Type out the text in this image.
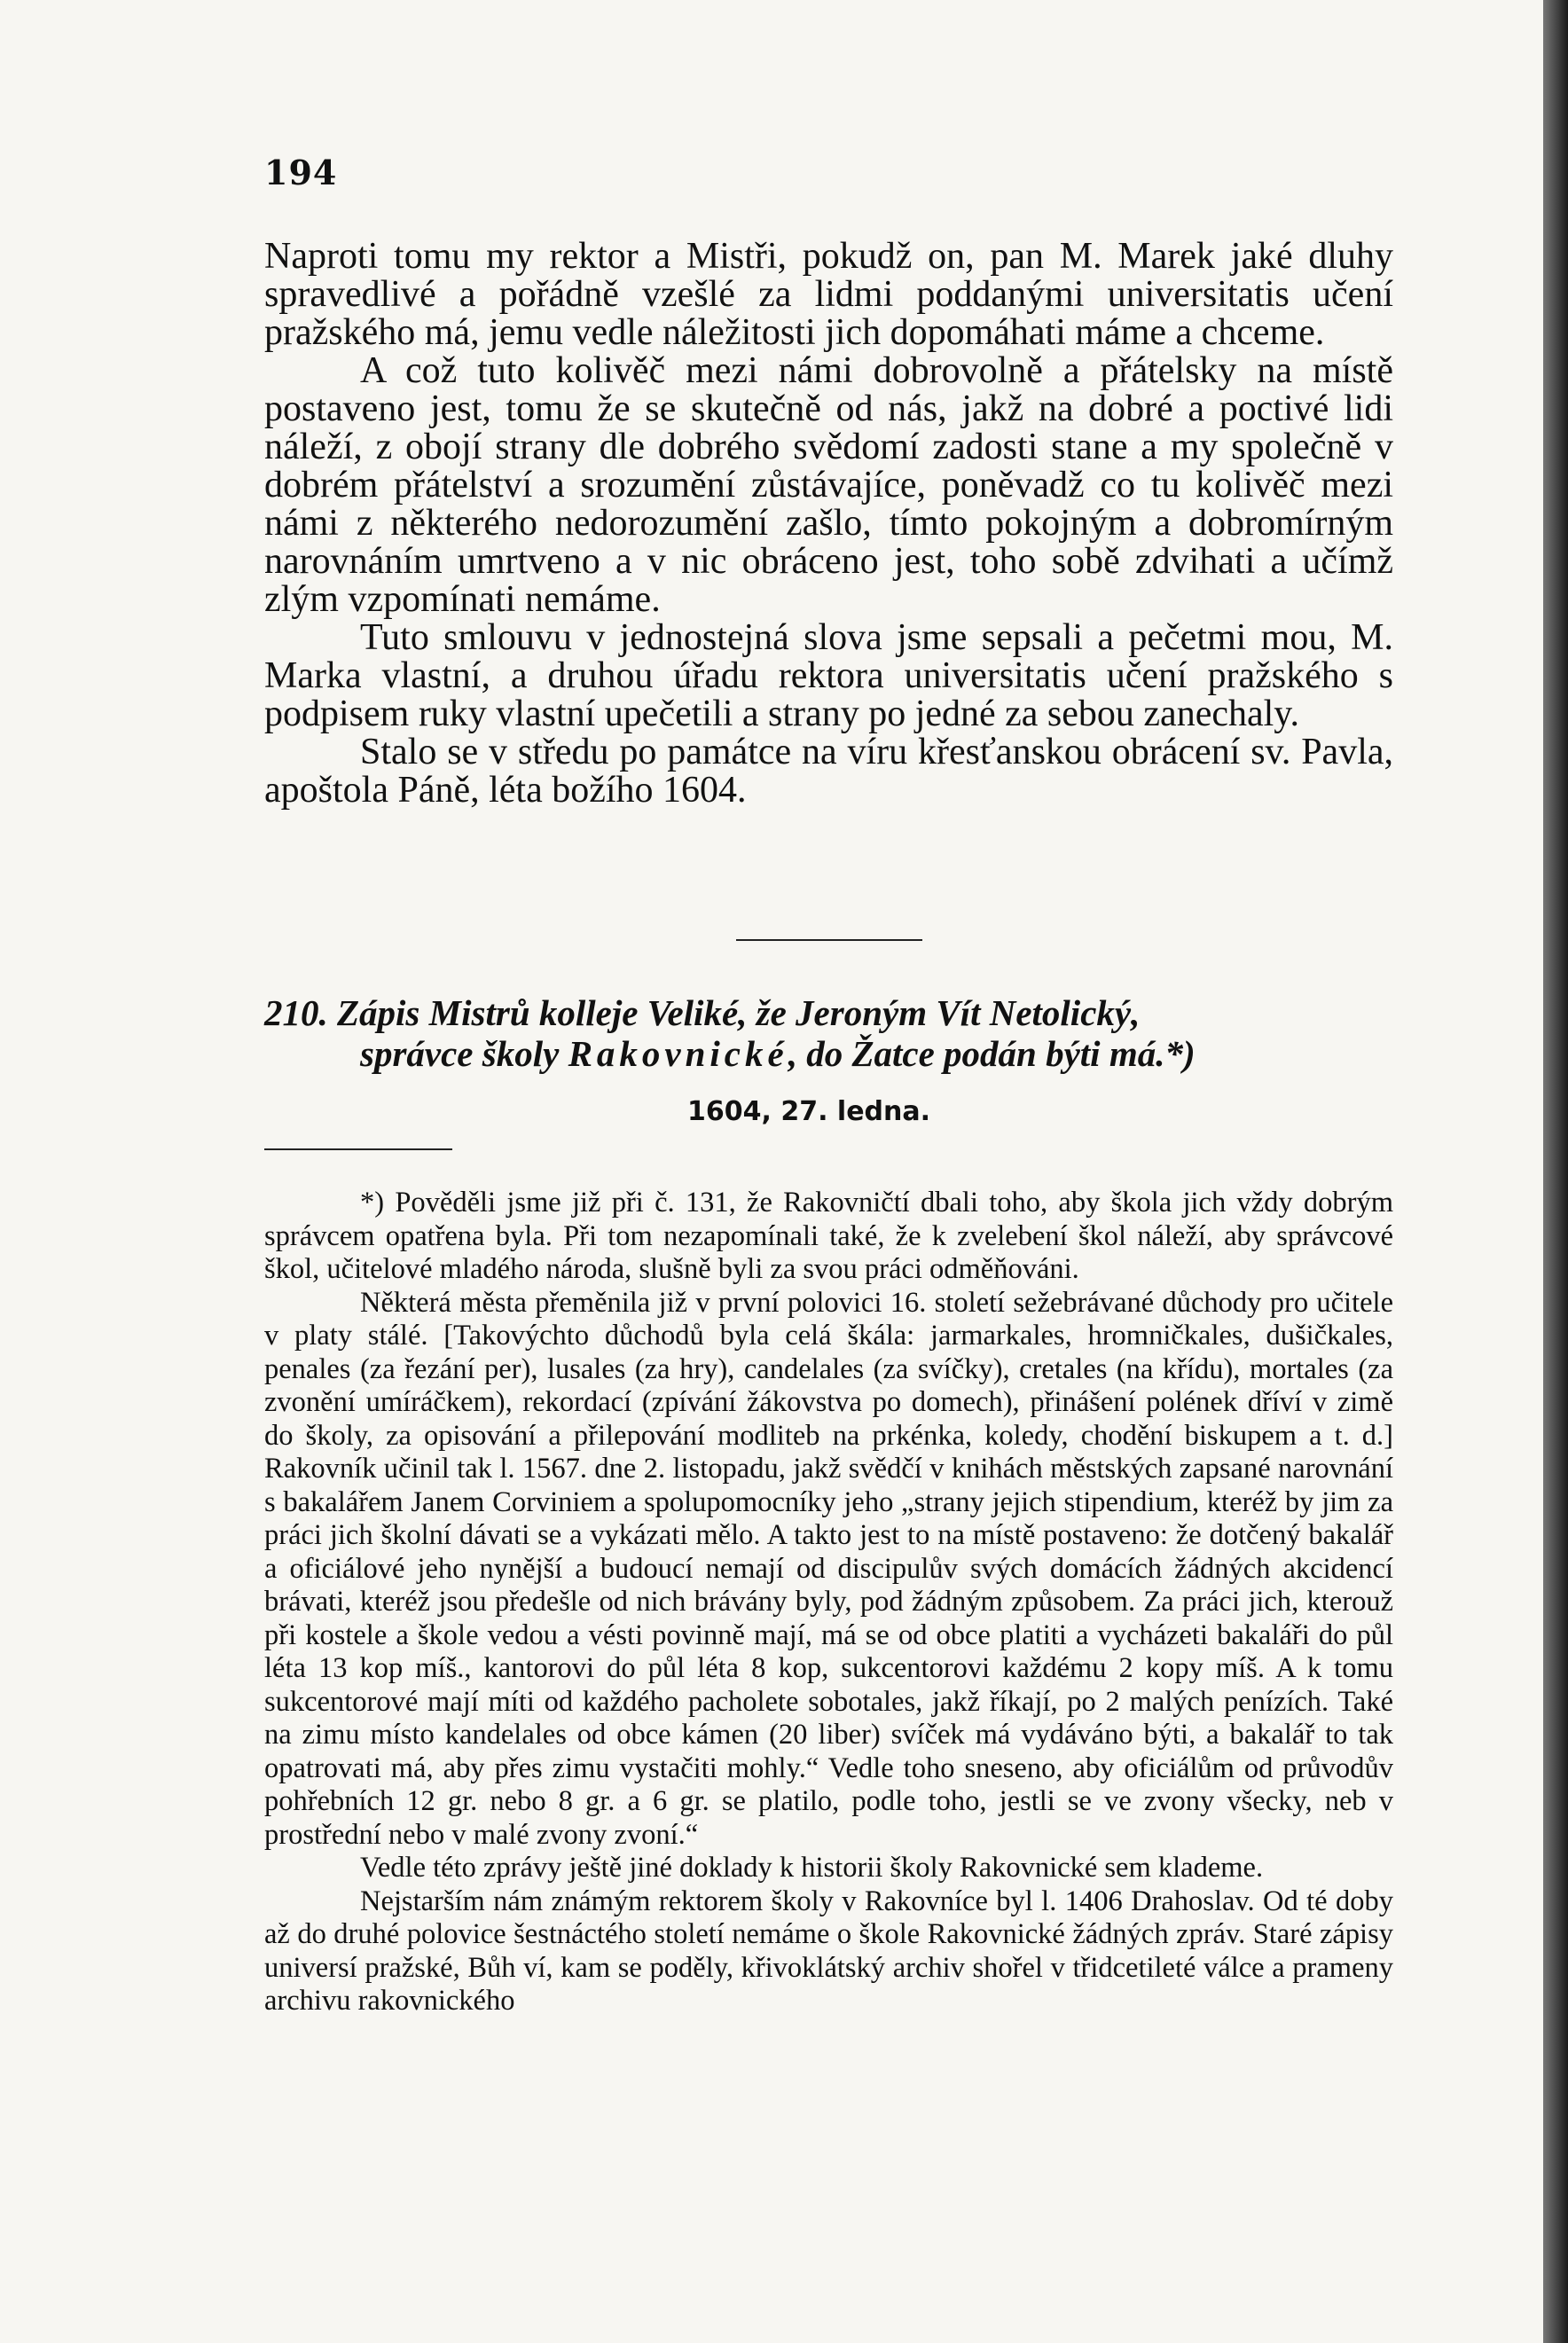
194

Naproti tomu my rektor a Mistři, pokudž on, pan M. Marek jaké dluhy spravedlivé a pořádně vzešlé za lidmi poddanými universitatis učení pražského má, jemu vedle náležitosti jich dopomáhati máme a chceme.

A což tuto kolivěč mezi námi dobrovolně a přátelsky na místě postaveno jest, tomu že se skutečně od nás, jakž na dobré a poctivé lidi náleží, z obojí strany dle dobrého svědomí zadosti stane a my společně v dobrém přátelství a srozumění zůstávajíce, poněvadž co tu kolivěč mezi námi z některého nedorozumění zašlo, tímto pokojným a dobromírným narovnáním umrtveno a v nic obráceno jest, toho sobě zdvihati a učímž zlým vzpomínati nemáme.

Tuto smlouvu v jednostejná slova jsme sepsali a pečetmi mou, M. Marka vlastní, a druhou úřadu rektora universitatis učení pražského s podpisem ruky vlastní upečetili a strany po jedné za sebou zanechaly.

Stalo se v středu po památce na víru křesťanskou obrácení sv. Pavla, apoštola Páně, léta božího 1604.

210. Zápis Mistrů kolleje Veliké, že Jeroným Vít Netolický,
správce školy Rakovnické, do Žatce podán býti má.*)
1604, 27. ledna.

*) Pověděli jsme již při č. 131, že Rakovničtí dbali toho, aby škola jich vždy dobrým správcem opatřena byla. Při tom nezapomínali také, že k zvelebení škol náleží, aby správcové škol, učitelové mladého národa, slušně byli za svou práci odměňováni.

Některá města přeměnila již v první polovici 16. století sežebrávané důchody pro učitele v platy stálé. [Takovýchto důchodů byla celá škála: jarmarkales, hromničkales, dušičkales, penales (za řezání per), lusales (za hry), candelales (za svíčky), cretales (na křídu), mortales (za zvonění umíráčkem), rekordací (zpívání žákovstva po domech), přinášení polének dříví v zimě do školy, za opisování a přilepování modliteb na prkénka, koledy, chodění biskupem a t. d.] Rakovník učinil tak l. 1567. dne 2. listopadu, jakž svědčí v knihách městských zapsané narovnání s bakalářem Janem Corviniem a spolupomocníky jeho „strany jejich stipendium, kteréž by jim za práci jich školní dávati se a vykázati mělo. A takto jest to na místě postaveno: že dotčený bakalář a oficiálové jeho nynější a budoucí nemají od discipulův svých domácích žádných akcidencí brávati, kteréž jsou předešle od nich brávány byly, pod žádným způsobem. Za práci jich, kterouž při kostele a škole vedou a vésti povinně mají, má se od obce platiti a vycházeti bakaláři do půl léta 13 kop míš., kantorovi do půl léta 8 kop, sukcentorovi každému 2 kopy míš. A k tomu sukcentorové mají míti od každého pacholete sobotales, jakž říkají, po 2 malých penízích. Také na zimu místo kandelales od obce kámen (20 liber) svíček má vydáváno býti, a bakalář to tak opatrovati má, aby přes zimu vystačiti mohly.“ Vedle toho sneseno, aby oficiálům od průvodův pohřebních 12 gr. nebo 8 gr. a 6 gr. se platilo, podle toho, jestli se ve zvony všecky, neb v prostřední nebo v malé zvony zvoní.“

Vedle této zprávy ještě jiné doklady k historii školy Rakovnické sem klademe.

Nejstarším nám známým rektorem školy v Rakovníce byl l. 1406 Drahoslav. Od té doby až do druhé polovice šestnáctého století nemáme o škole Rakovnické žádných zpráv. Staré zápisy universí pražské, Bůh ví, kam se poděly, křivoklátský archiv shořel v třidcetileté válce a prameny archivu rakovnického
